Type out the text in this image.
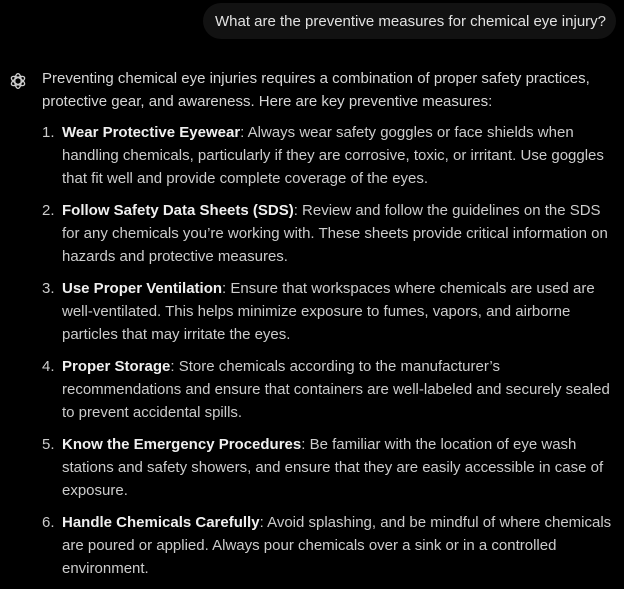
What are the preventive measures for chemical eye injury?

Preventing chemical eye injuries requires a combination of proper safety practices, protective gear, and awareness. Here are key preventive measures:

1. Wear Protective Eyewear: Always wear safety goggles or face shields when handling chemicals, particularly if they are corrosive, toxic, or irritant. Use goggles that fit well and provide complete coverage of the eyes.
2. Follow Safety Data Sheets (SDS): Review and follow the guidelines on the SDS for any chemicals you’re working with. These sheets provide critical information on hazards and protective measures.
3. Use Proper Ventilation: Ensure that workspaces where chemicals are used are well-ventilated. This helps minimize exposure to fumes, vapors, and airborne particles that may irritate the eyes.
4. Proper Storage: Store chemicals according to the manufacturer’s recommendations and ensure that containers are well-labeled and securely sealed to prevent accidental spills.
5. Know the Emergency Procedures: Be familiar with the location of eye wash stations and safety showers, and ensure that they are easily accessible in case of exposure.
6. Handle Chemicals Carefully: Avoid splashing, and be mindful of where chemicals are poured or applied. Always pour chemicals over a sink or in a controlled environment.
